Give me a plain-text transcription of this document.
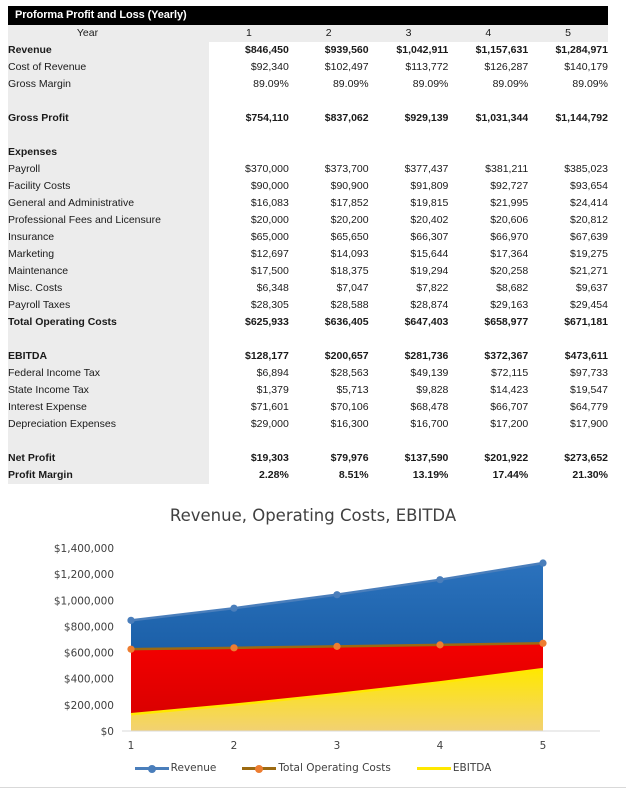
Proforma Profit and Loss (Yearly)
Year	1	2	3	4	5
Revenue	$846,450	$939,560	$1,042,911	$1,157,631	$1,284,971
Cost of Revenue	$92,340	$102,497	$113,772	$126,287	$140,179
Gross Margin	89.09%	89.09%	89.09%	89.09%	89.09%

Gross Profit	$754,110	$837,062	$929,139	$1,031,344	$1,144,792

Expenses					
Payroll	$370,000	$373,700	$377,437	$381,211	$385,023
Facility Costs	$90,000	$90,900	$91,809	$92,727	$93,654
General and Administrative	$16,083	$17,852	$19,815	$21,995	$24,414
Professional Fees and Licensure	$20,000	$20,200	$20,402	$20,606	$20,812
Insurance	$65,000	$65,650	$66,307	$66,970	$67,639
Marketing	$12,697	$14,093	$15,644	$17,364	$19,275
Maintenance	$17,500	$18,375	$19,294	$20,258	$21,271
Misc. Costs	$6,348	$7,047	$7,822	$8,682	$9,637
Payroll Taxes	$28,305	$28,588	$28,874	$29,163	$29,454
Total Operating Costs	$625,933	$636,405	$647,403	$658,977	$671,181

EBITDA	$128,177	$200,657	$281,736	$372,367	$473,611
Federal Income Tax	$6,894	$28,563	$49,139	$72,115	$97,733
State Income Tax	$1,379	$5,713	$9,828	$14,423	$19,547
Interest Expense	$71,601	$70,106	$68,478	$66,707	$64,779
Depreciation Expenses	$29,000	$16,300	$16,700	$17,200	$17,900

Net Profit	$19,303	$79,976	$137,590	$201,922	$273,652
Profit Margin	2.28%	8.51%	13.19%	17.44%	21.30%
Revenue, Operating Costs, EBITDA
$0
$200,000
$400,000
$600,000
$800,000
$1,000,000
$1,200,000
$1,400,000
1	2	3	4	5
Revenue	Total Operating Costs	EBITDA
